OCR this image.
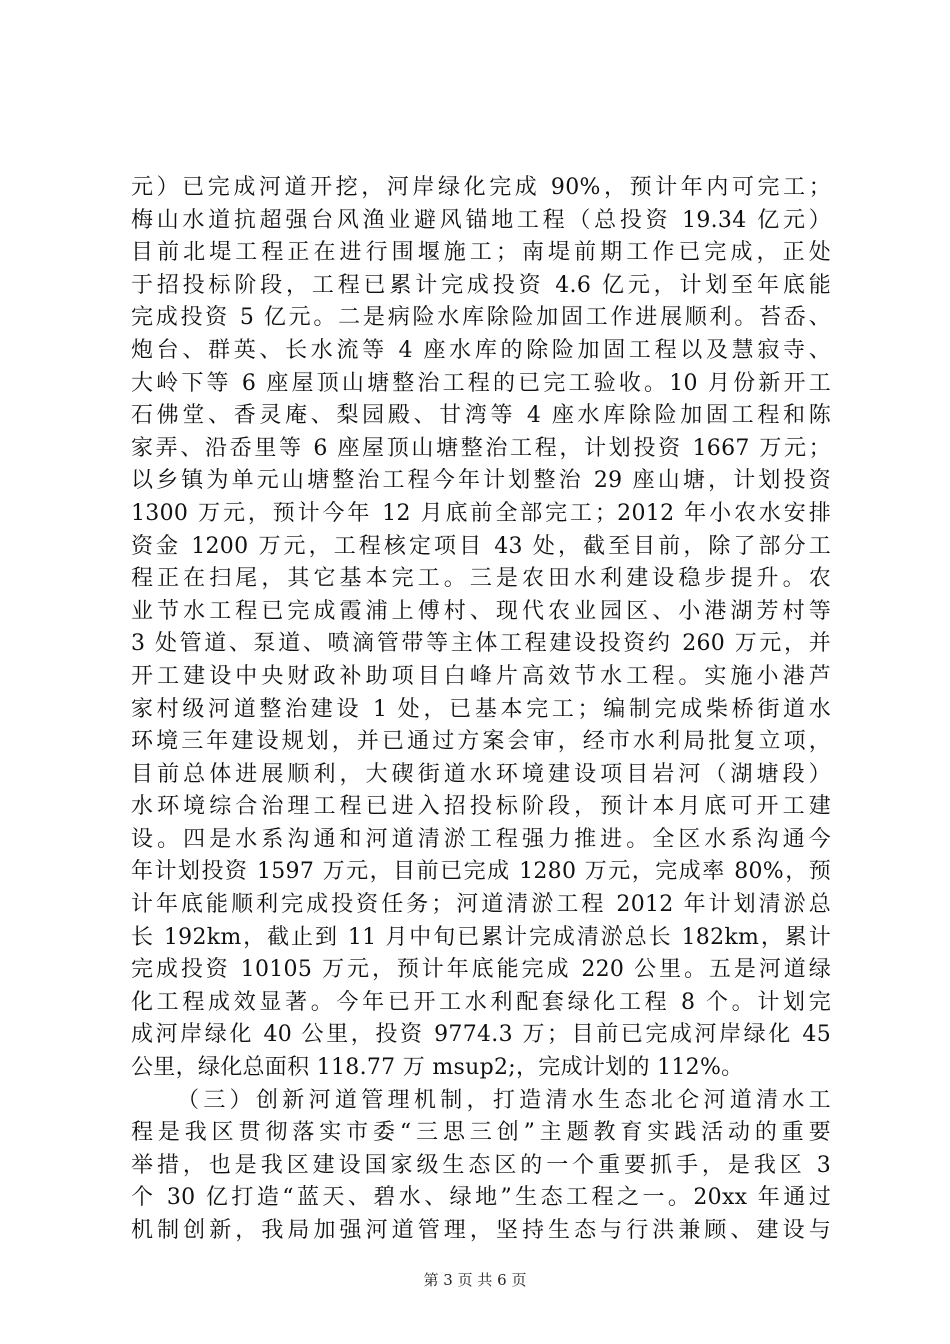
元）已完成河道开挖，河岸绿化完成 90%，预计年内可完工；
梅山水道抗超强台风渔业避风锚地工程（总投资 19.34 亿元）
目前北堤工程正在进行围堰施工；南堤前期工作已完成，正处
于招投标阶段，工程已累计完成投资 4.6 亿元，计划至年底能
完成投资 5 亿元。二是病险水库除险加固工作进展顺利。苔岙、
炮台、群英、长水流等 4 座水库的除险加固工程以及慧寂寺、
大岭下等 6 座屋顶山塘整治工程的已完工验收。10 月份新开工
石佛堂、香灵庵、梨园殿、甘湾等 4 座水库除险加固工程和陈
家弄、沿岙里等 6 座屋顶山塘整治工程，计划投资 1667 万元；
以乡镇为单元山塘整治工程今年计划整治 29 座山塘，计划投资
1300 万元，预计今年 12 月底前全部完工；2012 年小农水安排
资金 1200 万元，工程核定项目 43 处，截至目前，除了部分工
程正在扫尾，其它基本完工。三是农田水利建设稳步提升。农
业节水工程已完成霞浦上傅村、现代农业园区、小港湖芳村等
3 处管道、泵道、喷滴管带等主体工程建设投资约 260 万元，并
开工建设中央财政补助项目白峰片高效节水工程。实施小港芦
家村级河道整治建设 1 处，已基本完工；编制完成柴桥街道水
环境三年建设规划，并已通过方案会审，经市水利局批复立项，
目前总体进展顺利，大碶街道水环境建设项目岩河（湖塘段）
水环境综合治理工程已进入招投标阶段，预计本月底可开工建
设。四是水系沟通和河道清淤工程强力推进。全区水系沟通今
年计划投资 1597 万元，目前已完成 1280 万元，完成率 80%，预
计年底能顺利完成投资任务；河道清淤工程 2012 年计划清淤总
长 192km，截止到 11 月中旬已累计完成清淤总长 182km，累计
完成投资 10105 万元，预计年底能完成 220 公里。五是河道绿
化工程成效显著。今年已开工水利配套绿化工程 8 个。计划完
成河岸绿化 40 公里，投资 9774.3 万；目前已完成河岸绿化 45
公里，绿化总面积 118.77 万 msup2;，完成计划的 112%。
（三）创新河道管理机制，打造清水生态北仑河道清水工
程是我区贯彻落实市委“三思三创”主题教育实践活动的重要
举措，也是我区建设国家级生态区的一个重要抓手，是我区 3
个 30 亿打造“蓝天、碧水、绿地”生态工程之一。20xx 年通过
机制创新，我局加强河道管理，坚持生态与行洪兼顾、建设与
第 3 页 共 6 页
